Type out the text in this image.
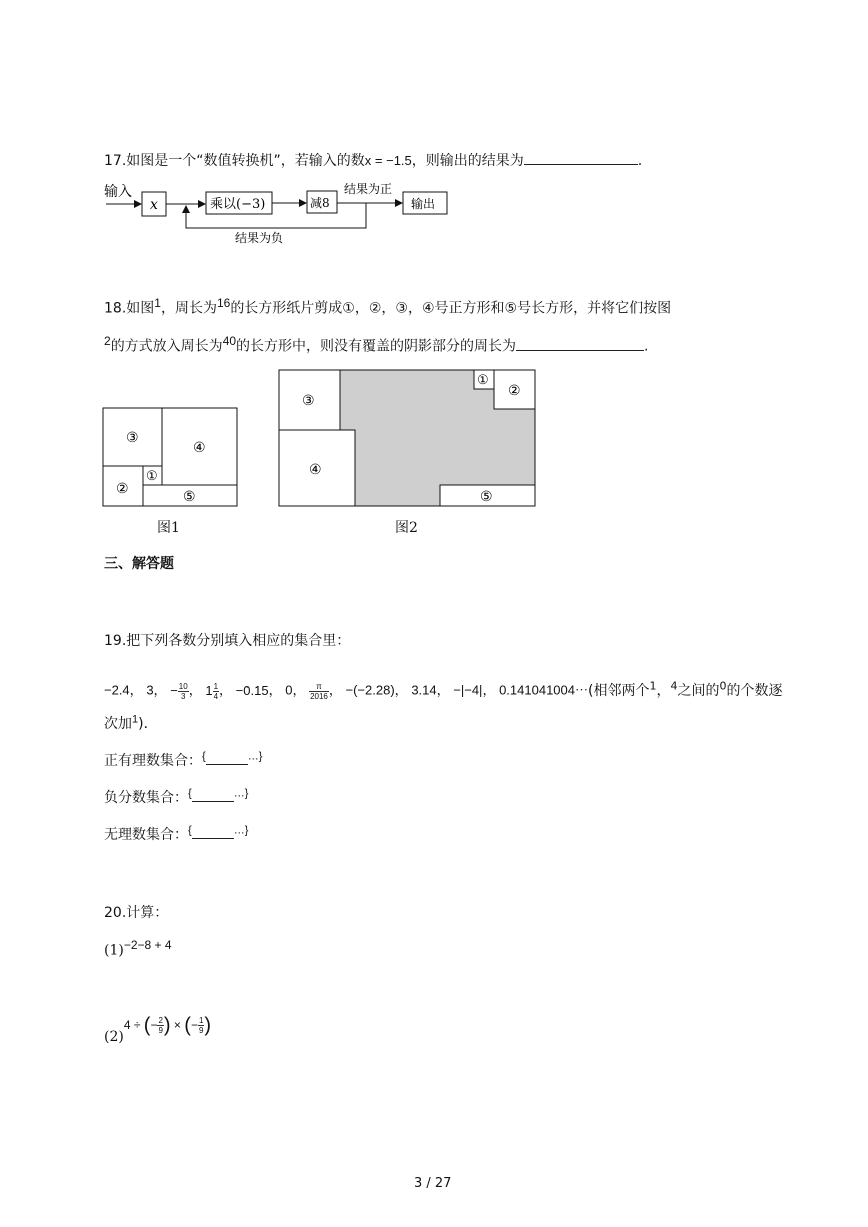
17.如图是一个“数值转换机”，若输入的数x = −1.5，则输出的结果为	.
输入
x	乘以(−3)	减8
结果为正
输出
结果为负
18.如图$^1$，周长为$^{16}$的长方形纸片剪成①，②，③，④号正方形和⑤号长方形，并将它们按图
$^2$的方式放入周长为$^{40}$的长方形中，则没有覆盖的阴影部分的周长为	.
③
④
②
①
⑤
图1
③
④
①
②
⑤
图2
三、解答题
19.把下列各数分别填入相应的集合里：
−2.4， 3， − $\frac{10}{3}$ ， $1 \frac{1}{4}$ ， · · −0.15， 0， $\frac{\pi}{2016}$ ， −(−2.28)， 3.14， −|−4|， 0.141041004⋯(相邻两个$^1$，$^4$之间的$^0$的个数逐
次加$^1$)．
正有理数集合：{	…}
负分数集合：{	…}
无理数集合：{	…}
20.计算：
(1)−2−8 + 4
(2)4 ÷ (− $\frac{2}{9}$ ) × (− $\frac{1}{9}$ )
3 / 27
